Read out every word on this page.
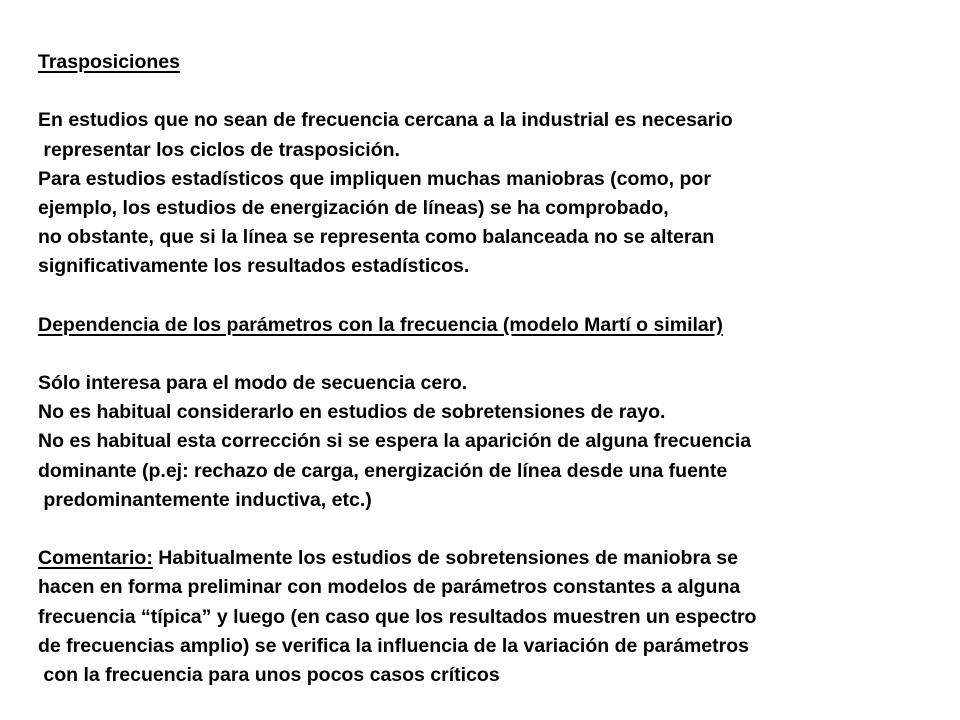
Trasposiciones
En estudios que no sean de frecuencia cercana a la industrial es necesario
representar los ciclos de trasposición.
Para estudios estadísticos que impliquen muchas maniobras (como, por
ejemplo, los estudios de energización de líneas) se ha comprobado,
no obstante, que si la línea se representa como balanceada no se alteran
significativamente los resultados estadísticos.
Dependencia de los parámetros con la frecuencia (modelo Martí o similar)
Sólo interesa para el modo de secuencia cero.
No es habitual considerarlo en estudios de sobretensiones de rayo.
No es habitual esta corrección si se espera la aparición de alguna frecuencia
dominante (p.ej: rechazo de carga, energización de línea desde una fuente
predominantemente inductiva, etc.)
Comentario: Habitualmente los estudios de sobretensiones de maniobra se
hacen en forma preliminar con modelos de parámetros constantes a alguna
frecuencia “típica” y luego (en caso que los resultados muestren un espectro
de frecuencias amplio) se verifica la influencia de la variación de parámetros
con la frecuencia para unos pocos casos críticos
